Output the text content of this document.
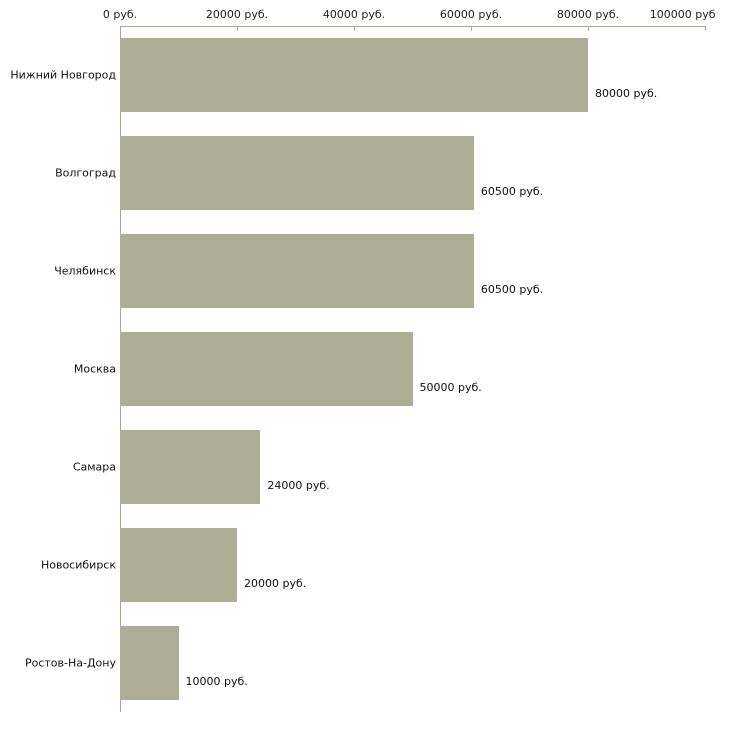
0 руб.	20000 руб.	40000 руб.	60000 руб.	80000 руб.	100000 руб
80000 руб.
60500 руб.
60500 руб.
50000 руб.
24000 руб.
20000 руб.
10000 руб.
Нижний Новгород
Волгоград
Челябинск
Москва
Самара
Новосибирск
Ростов-На-Дону
